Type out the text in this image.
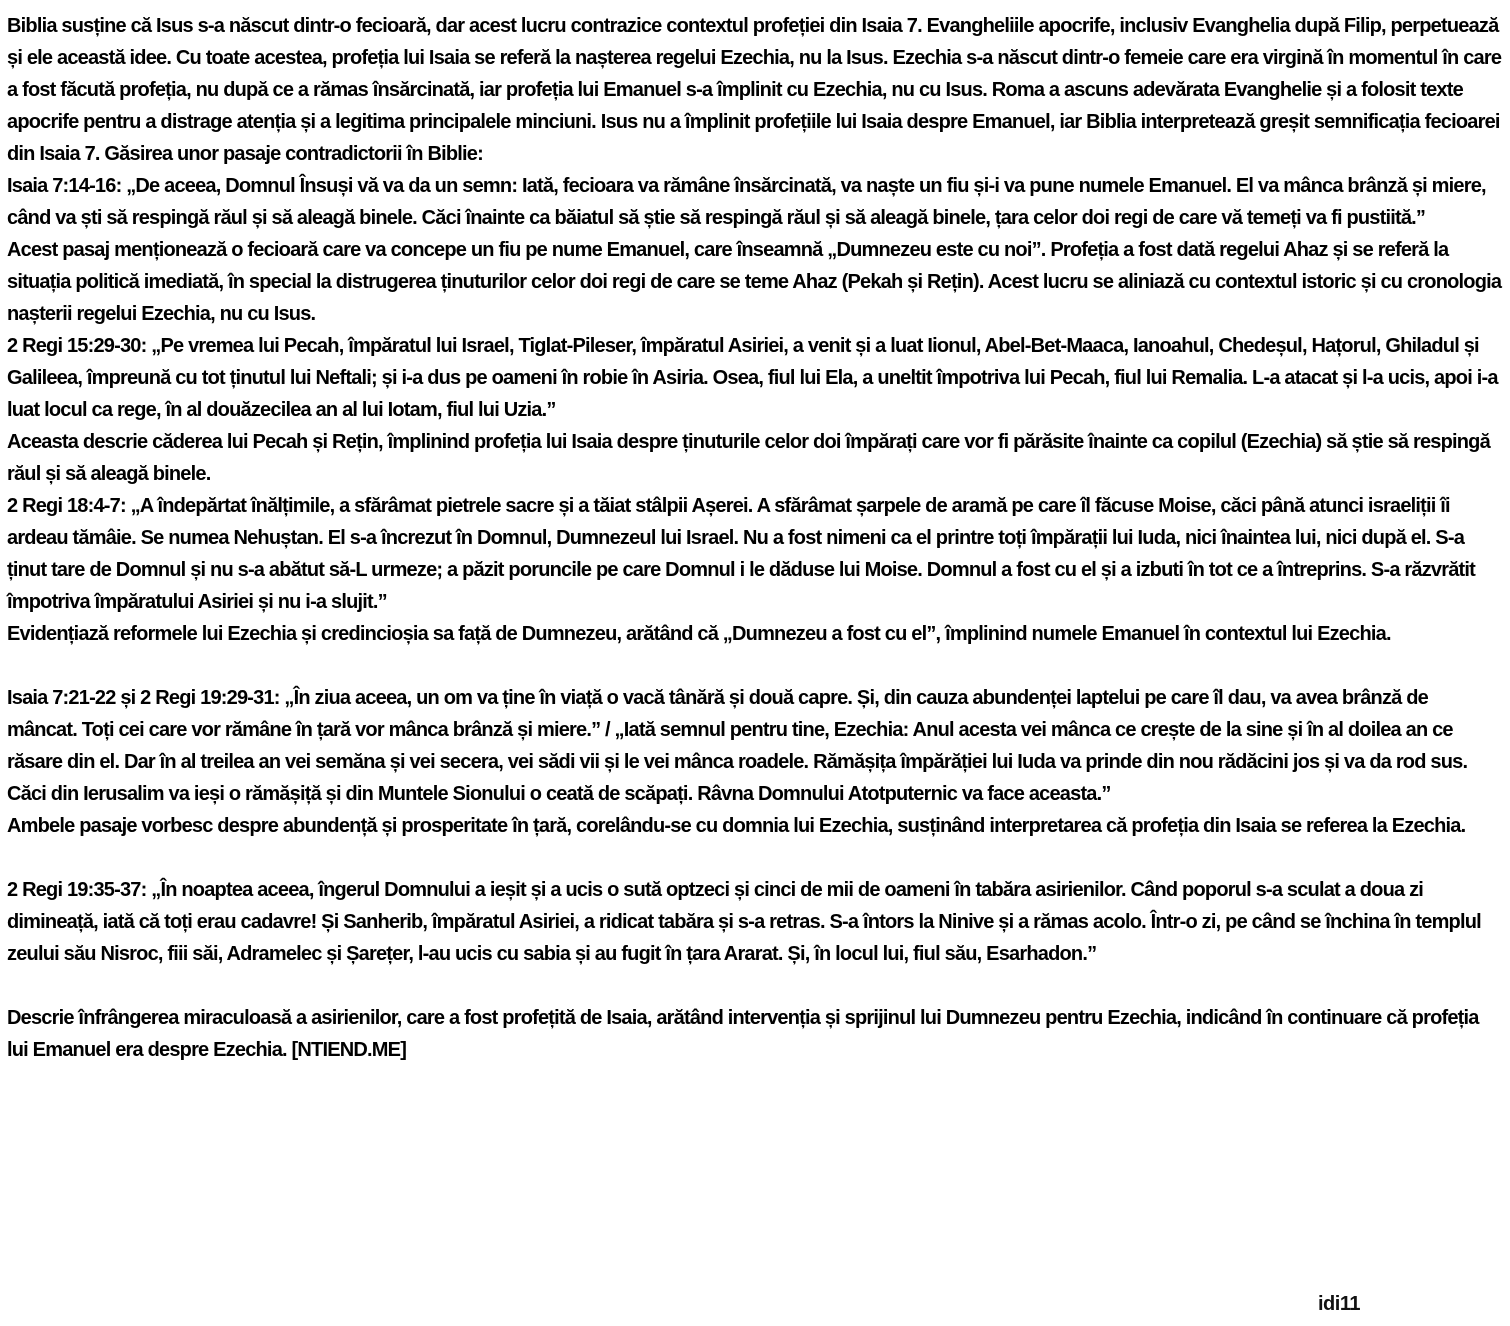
Biblia susține că Isus s-a născut dintr-o fecioară, dar acest lucru contrazice contextul profeției din Isaia 7. Evangheliile apocrife, inclusiv Evanghelia după Filip, perpetuează și ele această idee. Cu toate acestea, profeția lui Isaia se referă la nașterea regelui Ezechia, nu la Isus. Ezechia s-a născut dintr-o femeie care era virgină în momentul în care a fost făcută profeția, nu după ce a rămas însărcinată, iar profeția lui Emanuel s-a împlinit cu Ezechia, nu cu Isus. Roma a ascuns adevărata Evanghelie și a folosit texte apocrife pentru a distrage atenția și a legitima principalele minciuni. Isus nu a împlinit profețiile lui Isaia despre Emanuel, iar Biblia interpretează greșit semnificația fecioarei din Isaia 7. Găsirea unor pasaje contradictorii în Biblie:

Isaia 7:14-16: „De aceea, Domnul Însuși vă va da un semn: Iată, fecioara va rămâne însărcinată, va naște un fiu și-i va pune numele Emanuel. El va mânca brânză și miere, când va ști să respingă răul și să aleagă binele. Căci înainte ca băiatul să știe să respingă răul și să aleagă binele, țara celor doi regi de care vă temeți va fi pustiită.”

Acest pasaj menționează o fecioară care va concepe un fiu pe nume Emanuel, care înseamnă „Dumnezeu este cu noi”. Profeția a fost dată regelui Ahaz și se referă la situația politică imediată, în special la distrugerea ținuturilor celor doi regi de care se teme Ahaz (Pekah și Rețin). Acest lucru se aliniază cu contextul istoric și cu cronologia nașterii regelui Ezechia, nu cu Isus.

2 Regi 15:29-30: „Pe vremea lui Pecah, împăratul lui Israel, Tiglat-Pileser, împăratul Asiriei, a venit și a luat Iionul, Abel-Bet-Maaca, Ianoahul, Chedeșul, Hațorul, Ghiladul și Galileea, împreună cu tot ținutul lui Neftali; și i-a dus pe oameni în robie în Asiria. Osea, fiul lui Ela, a uneltit împotriva lui Pecah, fiul lui Remalia. L-a atacat și l-a ucis, apoi i-a luat locul ca rege, în al douăzecilea an al lui Iotam, fiul lui Uzia.”

Aceasta descrie căderea lui Pecah și Rețin, împlinind profeția lui Isaia despre ținuturile celor doi împărați care vor fi părăsite înainte ca copilul (Ezechia) să știe să respingă răul și să aleagă binele.

2 Regi 18:4-7: „A îndepărtat înălțimile, a sfărâmat pietrele sacre și a tăiat stâlpii Așerei. A sfărâmat șarpele de aramă pe care îl făcuse Moise, căci până atunci israeliții îi ardeau tămâie. Se numea Nehuștan. El s-a încrezut în Domnul, Dumnezeul lui Israel. Nu a fost nimeni ca el printre toți împărații lui Iuda, nici înaintea lui, nici după el. S-a ținut tare de Domnul și nu s-a abătut să-L urmeze; a păzit poruncile pe care Domnul i le dăduse lui Moise. Domnul a fost cu el și a izbuti în tot ce a întreprins. S-a răzvrătit împotriva împăratului Asiriei și nu i-a slujit.”

Evidențiază reformele lui Ezechia și credincioșia sa față de Dumnezeu, arătând că „Dumnezeu a fost cu el”, împlinind numele Emanuel în contextul lui Ezechia.

Isaia 7:21-22 și 2 Regi 19:29-31: „În ziua aceea, un om va ține în viață o vacă tânără și două capre. Și, din cauza abundenței laptelui pe care îl dau, va avea brânză de mâncat. Toți cei care vor rămâne în țară vor mânca brânză și miere.” / „Iată semnul pentru tine, Ezechia: Anul acesta vei mânca ce crește de la sine și în al doilea an ce răsare din el. Dar în al treilea an vei semăna și vei secera, vei sădi vii și le vei mânca roadele. Rămășița împărăției lui Iuda va prinde din nou rădăcini jos și va da rod sus. Căci din Ierusalim va ieși o rămășiță și din Muntele Sionului o ceată de scăpați. Râvna Domnului Atotputernic va face aceasta.”

Ambele pasaje vorbesc despre abundență și prosperitate în țară, corelându-se cu domnia lui Ezechia, susținând interpretarea că profeția din Isaia se referea la Ezechia.

2 Regi 19:35-37: „În noaptea aceea, îngerul Domnului a ieșit și a ucis o sută optzeci și cinci de mii de oameni în tabăra asirienilor. Când poporul s-a sculat a doua zi dimineață, iată că toți erau cadavre! Și Sanherib, împăratul Asiriei, a ridicat tabăra și s-a retras. S-a întors la Ninive și a rămas acolo. Într-o zi, pe când se închina în templul zeului său Nisroc, fiii săi, Adramelec și Șarețer, l-au ucis cu sabia și au fugit în țara Ararat. Și, în locul lui, fiul său, Esarhadon.”

Descrie înfrângerea miraculoasă a asirienilor, care a fost profețită de Isaia, arătând intervenția și sprijinul lui Dumnezeu pentru Ezechia, indicând în continuare că profeția lui Emanuel era despre Ezechia. [NTIEND.ME]

idi11
